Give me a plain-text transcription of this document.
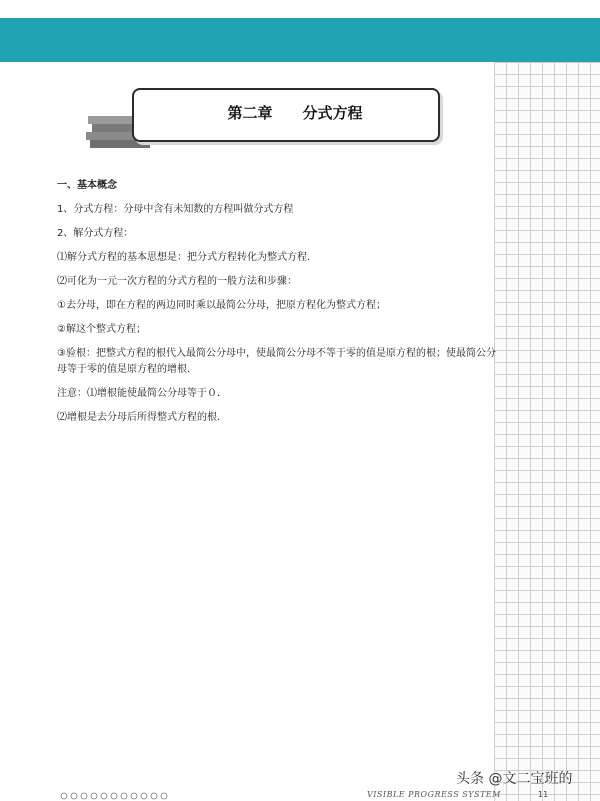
第二章　　分式方程

一、基本概念

1、分式方程：分母中含有未知数的方程叫做分式方程

2、解分式方程：

⑴解分式方程的基本思想是：把分式方程转化为整式方程．

⑵可化为一元一次方程的分式方程的一般方法和步骤：

①去分母，即在方程的两边同时乘以最简公分母，把原方程化为整式方程；

②解这个整式方程；

③验根：把整式方程的根代入最简公分母中，使最简公分母不等于零的值是原方程的根；使最简公分母等于零的值是原方程的增根．

注意：⑴增根能使最简公分母等于０．

⑵增根是去分母后所得整式方程的根．

VISIBLE PROGRESS SYSTEM	11
头条 @文二宝班的
